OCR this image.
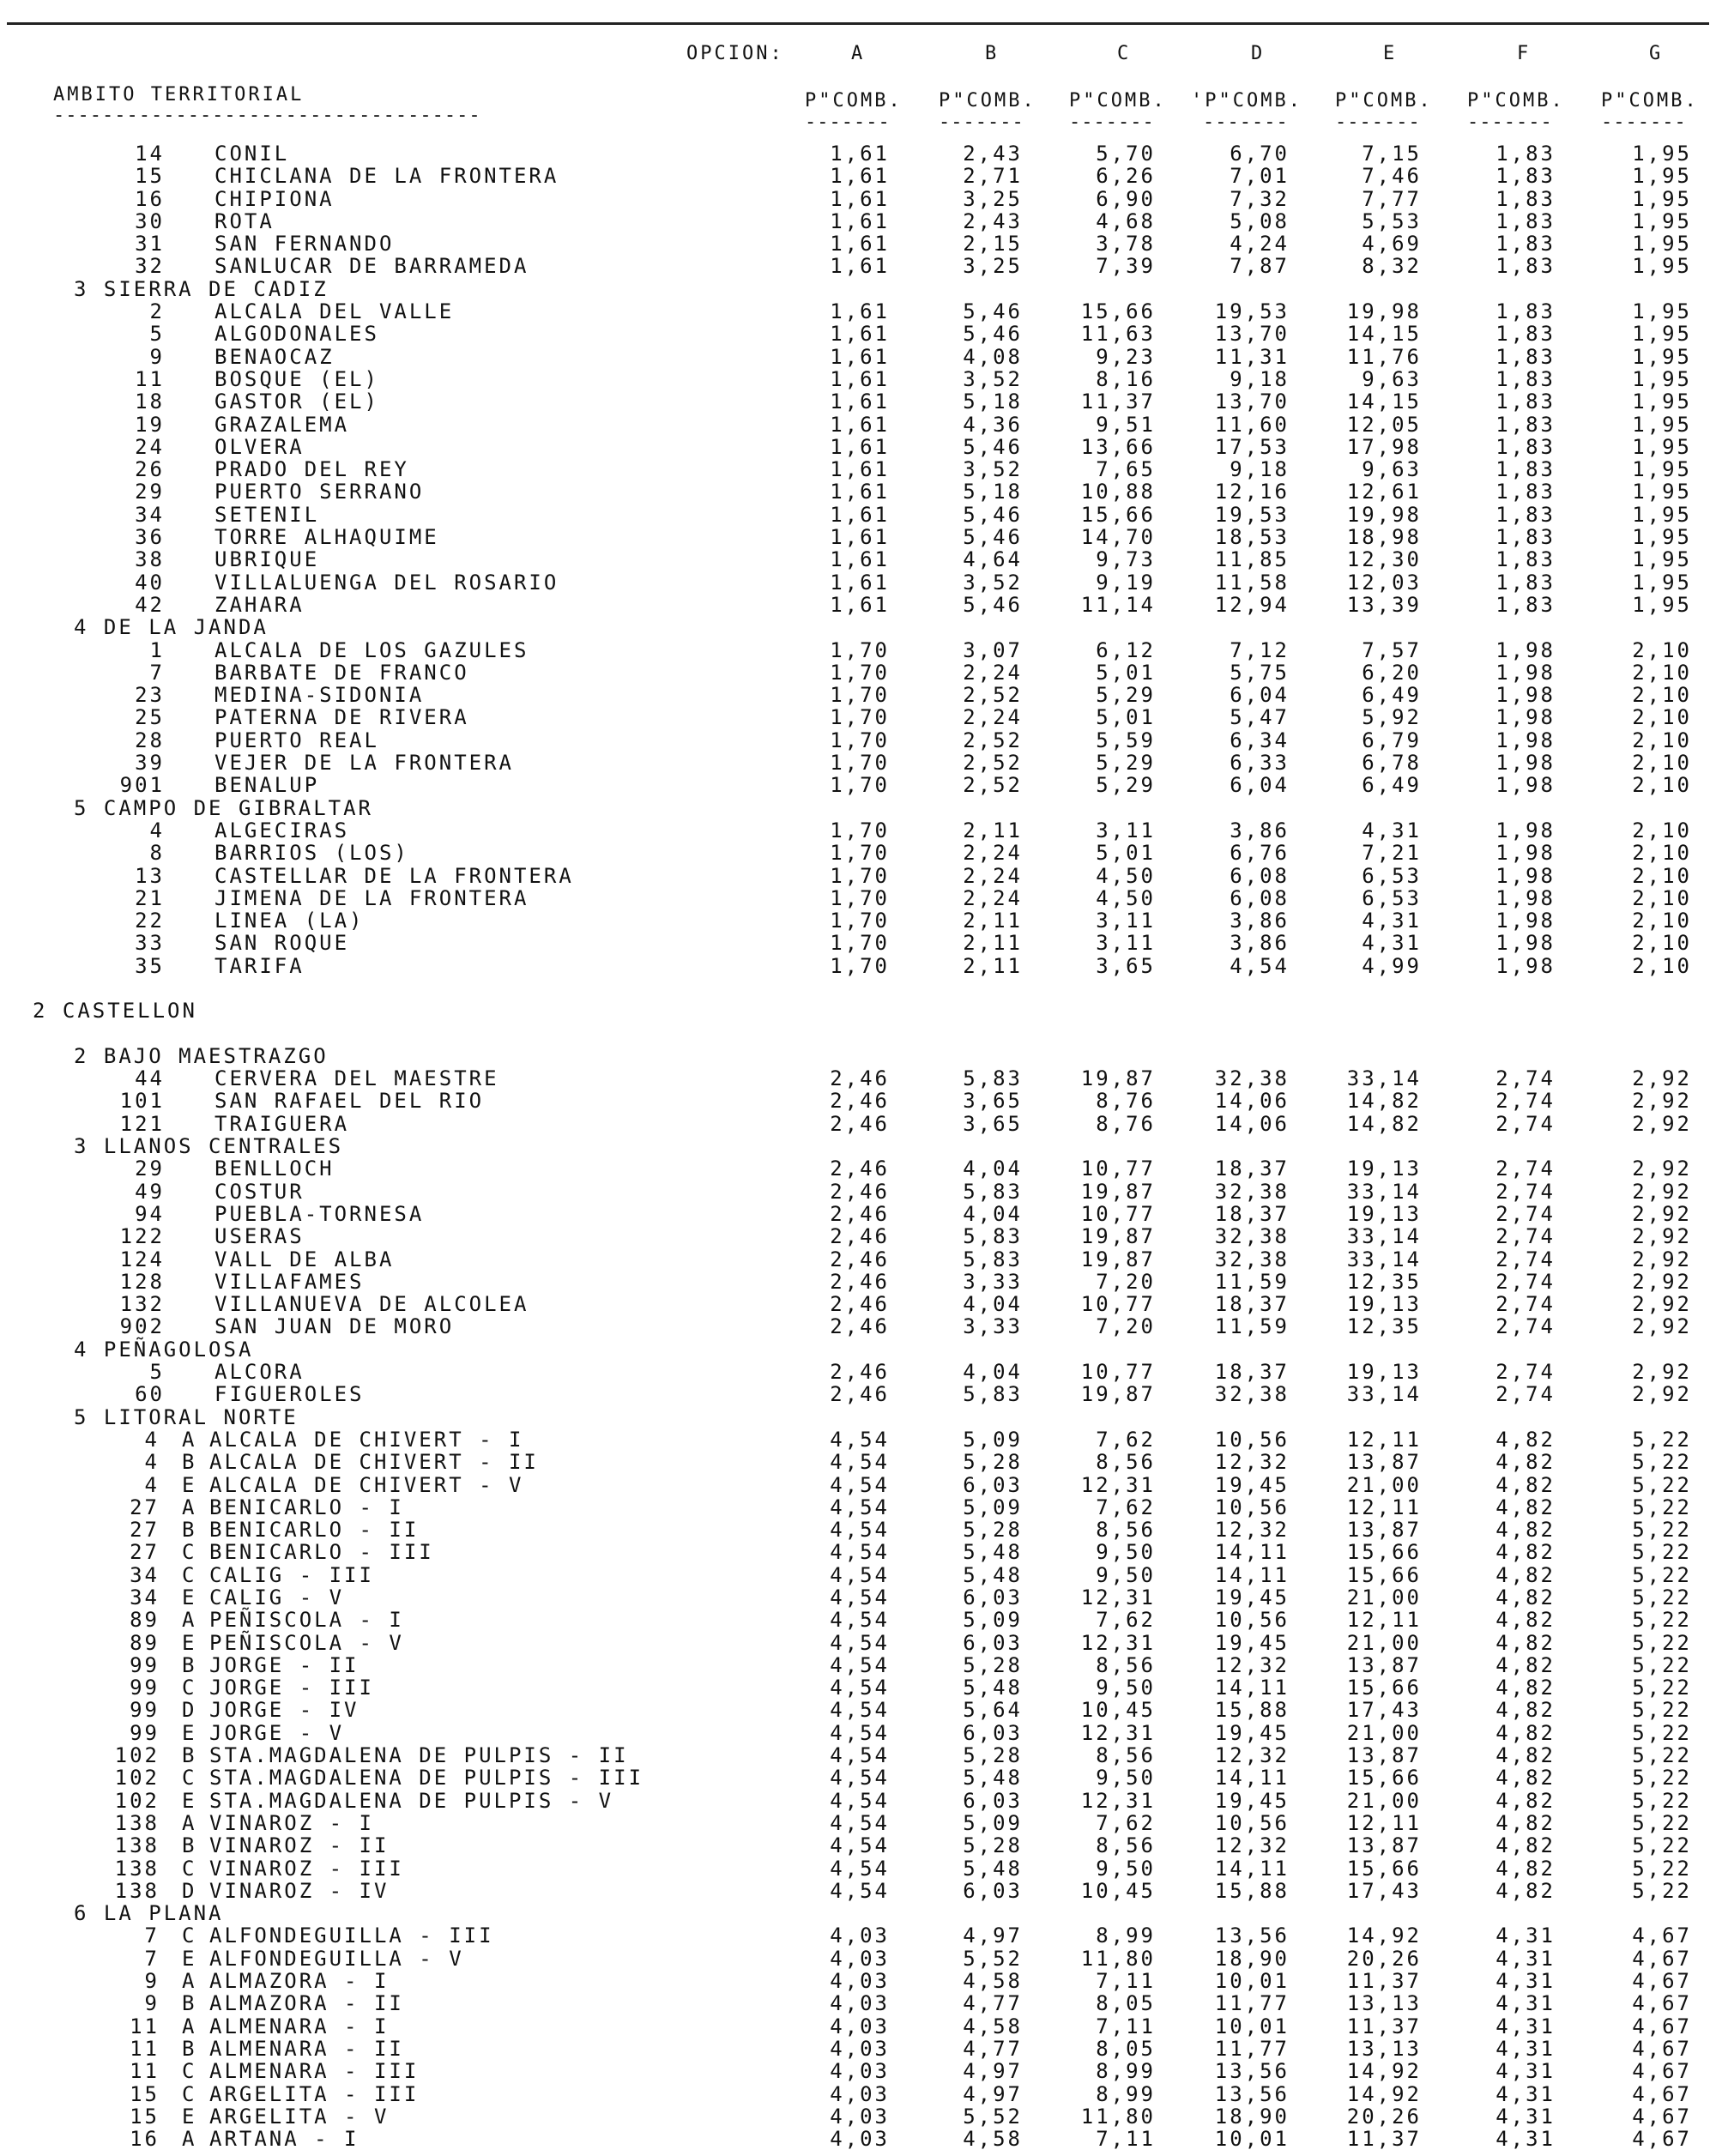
OPCION:	A	B	C	D	E	F	G
AMBITO TERRITORIAL	P"COMB. P"COMB. P"COMB. 'P"COMB. P"COMB. P"COMB. P"COMB.
-----------------------------------	-------	-------	-------	-------	-------	-------	-------
14 CONIL	1,61	2,43	5,70	6,70	7,15	1,83	1,95
15 CHICLANA DE LA FRONTERA	1,61	2,71	6,26	7,01	7,46	1,83	1,95
16 CHIPIONA	1,61	3,25	6,90	7,32	7,77	1,83	1,95
30 ROTA	1,61	2,43	4,68	5,08	5,53	1,83	1,95
31 SAN FERNANDO	1,61	2,15	3,78	4,24	4,69	1,83	1,95
32 SANLUCAR DE BARRAMEDA	1,61	3,25	7,39	7,87	8,32	1,83	1,95
3 SIERRA DE CADIZ
2 ALCALA DEL VALLE	1,61	5,46	15,66	19,53	19,98	1,83	1,95
5 ALGODONALES	1,61	5,46	11,63	13,70	14,15	1,83	1,95
9 BENAOCAZ	1,61	4,08	9,23	11,31	11,76	1,83	1,95
11 BOSQUE (EL)	1,61	3,52	8,16	9,18	9,63	1,83	1,95
18 GASTOR (EL)	1,61	5,18	11,37	13,70	14,15	1,83	1,95
19 GRAZALEMA	1,61	4,36	9,51	11,60	12,05	1,83	1,95
24 OLVERA	1,61	5,46	13,66	17,53	17,98	1,83	1,95
26 PRADO DEL REY	1,61	3,52	7,65	9,18	9,63	1,83	1,95
29 PUERTO SERRANO	1,61	5,18	10,88	12,16	12,61	1,83	1,95
34 SETENIL	1,61	5,46	15,66	19,53	19,98	1,83	1,95
36 TORRE ALHAQUIME	1,61	5,46	14,70	18,53	18,98	1,83	1,95
38 UBRIQUE	1,61	4,64	9,73	11,85	12,30	1,83	1,95
40 VILLALUENGA DEL ROSARIO	1,61	3,52	9,19	11,58	12,03	1,83	1,95
42 ZAHARA	1,61	5,46	11,14	12,94	13,39	1,83	1,95
4 DE LA JANDA
1 ALCALA DE LOS GAZULES	1,70	3,07	6,12	7,12	7,57	1,98	2,10
7 BARBATE DE FRANCO	1,70	2,24	5,01	5,75	6,20	1,98	2,10
23 MEDINA-SIDONIA	1,70	2,52	5,29	6,04	6,49	1,98	2,10
25 PATERNA DE RIVERA	1,70	2,24	5,01	5,47	5,92	1,98	2,10
28 PUERTO REAL	1,70	2,52	5,59	6,34	6,79	1,98	2,10
39 VEJER DE LA FRONTERA	1,70	2,52	5,29	6,33	6,78	1,98	2,10
901 BENALUP	1,70	2,52	5,29	6,04	6,49	1,98	2,10
5 CAMPO DE GIBRALTAR
4 ALGECIRAS	1,70	2,11	3,11	3,86	4,31	1,98	2,10
8 BARRIOS (LOS)	1,70	2,24	5,01	6,76	7,21	1,98	2,10
13 CASTELLAR DE LA FRONTERA	1,70	2,24	4,50	6,08	6,53	1,98	2,10
21 JIMENA DE LA FRONTERA	1,70	2,24	4,50	6,08	6,53	1,98	2,10
22 LINEA (LA)	1,70	2,11	3,11	3,86	4,31	1,98	2,10
33 SAN ROQUE	1,70	2,11	3,11	3,86	4,31	1,98	2,10
35 TARIFA	1,70	2,11	3,65	4,54	4,99	1,98	2,10
2 CASTELLON
2 BAJO MAESTRAZGO
44 CERVERA DEL MAESTRE	2,46	5,83	19,87	32,38	33,14	2,74	2,92
101 SAN RAFAEL DEL RIO	2,46	3,65	8,76	14,06	14,82	2,74	2,92
121 TRAIGUERA	2,46	3,65	8,76	14,06	14,82	2,74	2,92
3 LLANOS CENTRALES
29 BENLLOCH	2,46	4,04	10,77	18,37	19,13	2,74	2,92
49 COSTUR	2,46	5,83	19,87	32,38	33,14	2,74	2,92
94 PUEBLA-TORNESA	2,46	4,04	10,77	18,37	19,13	2,74	2,92
122 USERAS	2,46	5,83	19,87	32,38	33,14	2,74	2,92
124 VALL DE ALBA	2,46	5,83	19,87	32,38	33,14	2,74	2,92
128 VILLAFAMES	2,46	3,33	7,20	11,59	12,35	2,74	2,92
132 VILLANUEVA DE ALCOLEA	2,46	4,04	10,77	18,37	19,13	2,74	2,92
902 SAN JUAN DE MORO	2,46	3,33	7,20	11,59	12,35	2,74	2,92
4 PEÑAGOLOSA
5 ALCORA	2,46	4,04	10,77	18,37	19,13	2,74	2,92
60 FIGUEROLES	2,46	5,83	19,87	32,38	33,14	2,74	2,92
5 LITORAL NORTE
4 A ALCALA DE CHIVERT - I	4,54	5,09	7,62	10,56	12,11	4,82	5,22
4 B ALCALA DE CHIVERT - II	4,54	5,28	8,56	12,32	13,87	4,82	5,22
4 E ALCALA DE CHIVERT - V	4,54	6,03	12,31	19,45	21,00	4,82	5,22
27 A BENICARLO - I	4,54	5,09	7,62	10,56	12,11	4,82	5,22
27 B BENICARLO - II	4,54	5,28	8,56	12,32	13,87	4,82	5,22
27 C BENICARLO - III	4,54	5,48	9,50	14,11	15,66	4,82	5,22
34 C CALIG - III	4,54	5,48	9,50	14,11	15,66	4,82	5,22
34 E CALIG - V	4,54	6,03	12,31	19,45	21,00	4,82	5,22
89 A PEÑISCOLA - I	4,54	5,09	7,62	10,56	12,11	4,82	5,22
89 E PEÑISCOLA - V	4,54	6,03	12,31	19,45	21,00	4,82	5,22
99 B JORGE - II	4,54	5,28	8,56	12,32	13,87	4,82	5,22
99 C JORGE - III	4,54	5,48	9,50	14,11	15,66	4,82	5,22
99 D JORGE - IV	4,54	5,64	10,45	15,88	17,43	4,82	5,22
99 E JORGE - V	4,54	6,03	12,31	19,45	21,00	4,82	5,22
102 B STA.MAGDALENA DE PULPIS - II	4,54	5,28	8,56	12,32	13,87	4,82	5,22
102 C STA.MAGDALENA DE PULPIS - III	4,54	5,48	9,50	14,11	15,66	4,82	5,22
102 E STA.MAGDALENA DE PULPIS - V	4,54	6,03	12,31	19,45	21,00	4,82	5,22
138 A VINAROZ - I	4,54	5,09	7,62	10,56	12,11	4,82	5,22
138 B VINAROZ - II	4,54	5,28	8,56	12,32	13,87	4,82	5,22
138 C VINAROZ - III	4,54	5,48	9,50	14,11	15,66	4,82	5,22
138 D VINAROZ - IV	4,54	6,03	10,45	15,88	17,43	4,82	5,22
6 LA PLANA
7 C ALFONDEGUILLA - III	4,03	4,97	8,99	13,56	14,92	4,31	4,67
7 E ALFONDEGUILLA - V	4,03	5,52	11,80	18,90	20,26	4,31	4,67
9 A ALMAZORA - I	4,03	4,58	7,11	10,01	11,37	4,31	4,67
9 B ALMAZORA - II	4,03	4,77	8,05	11,77	13,13	4,31	4,67
11 A ALMENARA - I	4,03	4,58	7,11	10,01	11,37	4,31	4,67
11 B ALMENARA - II	4,03	4,77	8,05	11,77	13,13	4,31	4,67
11 C ALMENARA - III	4,03	4,97	8,99	13,56	14,92	4,31	4,67
15 C ARGELITA - III	4,03	4,97	8,99	13,56	14,92	4,31	4,67
15 E ARGELITA - V	4,03	5,52	11,80	18,90	20,26	4,31	4,67
16 A ARTANA - I	4,03	4,58	7,11	10,01	11,37	4,31	4,67
